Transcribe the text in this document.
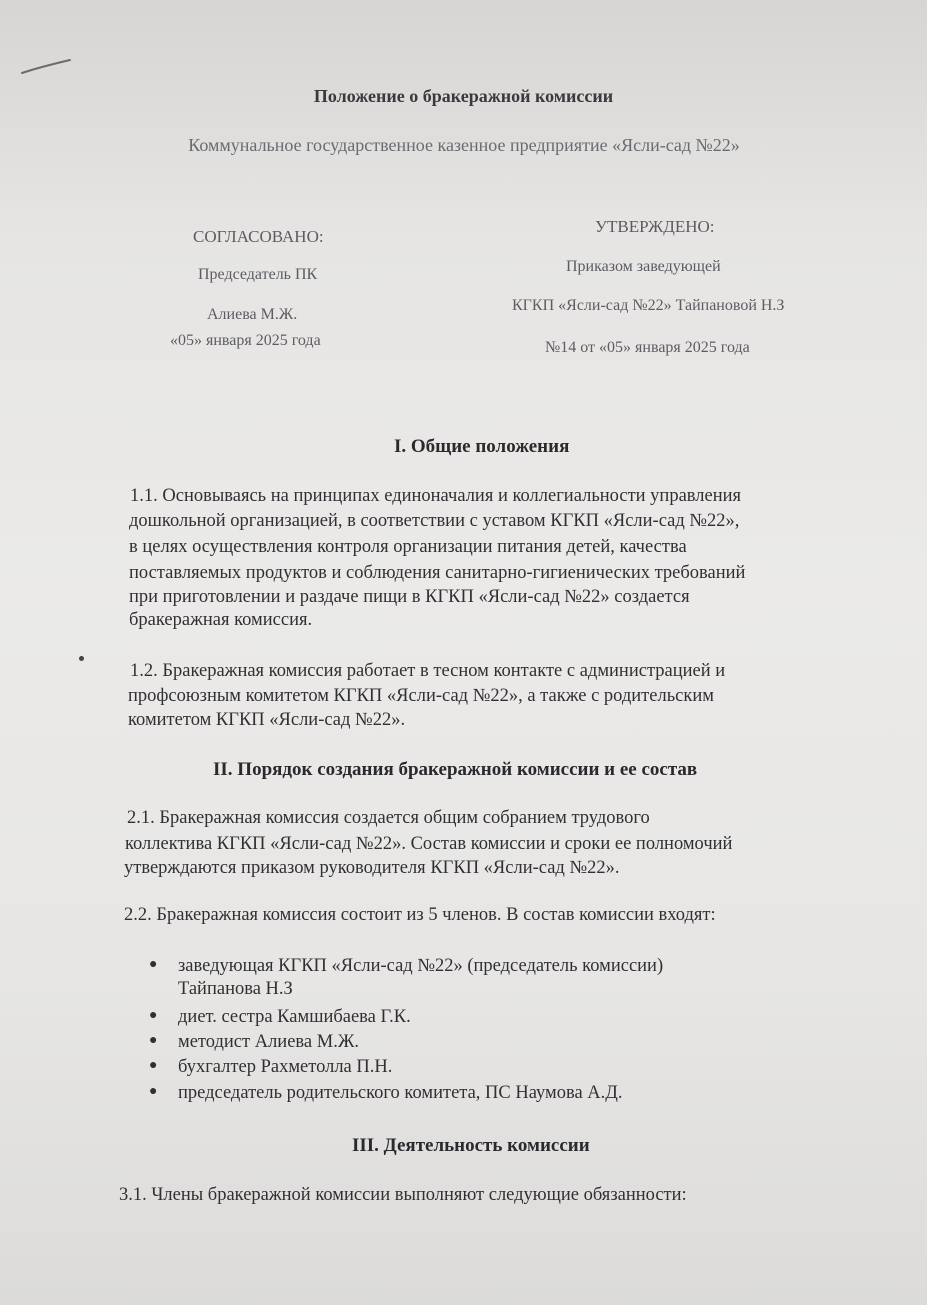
Положение о бракеражной комиссии
Коммунальное государственное казенное предприятие «Ясли-сад №22»
СОГЛАСОВАНО:
Председатель ПК
Алиева М.Ж.
«05» января 2025 года
УТВЕРЖДЕНО:
Приказом заведующей
КГКП «Ясли-сад №22» Тайпановой Н.З
№14 от «05» января 2025 года
I. Общие положения
1.1. Основываясь на принципах единоначалия и коллегиальности управления
дошкольной организацией, в соответствии с уставом КГКП «Ясли-сад №22»,
в целях осуществления контроля организации питания детей, качества
поставляемых продуктов и соблюдения санитарно-гигиенических требований
при приготовлении и раздаче пищи в КГКП «Ясли-сад №22» создается
бракеражная комиссия.
1.2. Бракеражная комиссия работает в тесном контакте с администрацией и
профсоюзным комитетом КГКП «Ясли-сад №22», а также с родительским
комитетом КГКП «Ясли-сад №22».
II. Порядок создания бракеражной комиссии и ее состав
2.1. Бракеражная комиссия создается общим собранием трудового
коллектива КГКП «Ясли-сад №22». Состав комиссии и сроки ее полномочий
утверждаются приказом руководителя КГКП «Ясли-сад №22».
2.2. Бракеражная комиссия состоит из 5 членов. В состав комиссии входят:
● заведующая КГКП «Ясли-сад №22» (председатель комиссии)
Тайпанова Н.З
● диет. сестра Камшибаева Г.К.
● методист Алиева М.Ж.
● бухгалтер Рахметолла П.Н.
● председатель родительского комитета, ПС Наумова А.Д.
III. Деятельность комиссии
3.1. Члены бракеражной комиссии выполняют следующие обязанности:
